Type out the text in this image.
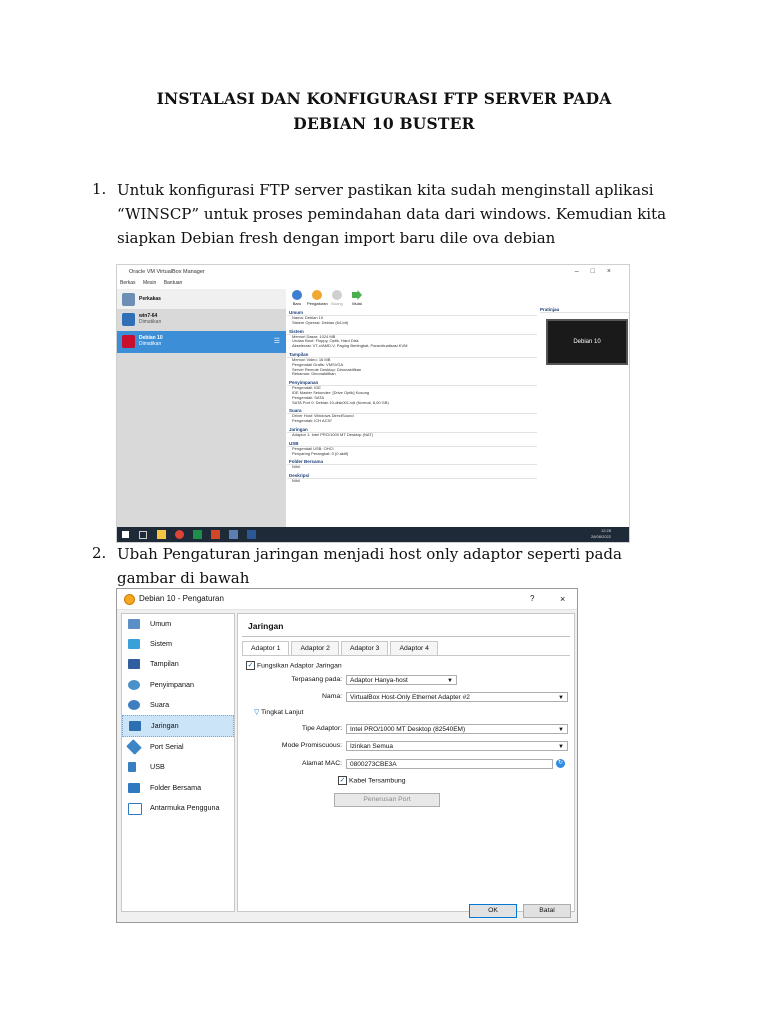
INSTALASI DAN KONFIGURASI FTP SERVER PADA
DEBIAN 10 BUSTER
1. Untuk konfigurasi FTP server pastikan kita sudah menginstall aplikasi
“WINSCP” untuk proses pemindahan data dari windows. Kemudian kita
siapkan Debian fresh dengan import baru dile ova debian
Oracle VM VirtualBox Manager	–□×
Berkas Mesin Bantuan
Perkakas
win7-64
Dimatikan
Debian 10
Dimatikan	☰
Baru	Pengaturan Buang	Mulai
Umum
Nama: Debian 10
Sistem Operasi: Debian (64-bit)
Sistem
Memori Dasar: 1024 MB
Urutan Boot: Floppy, Optik, Hard Disk
Akselerasi: VT-x/AMD-V, Paging Bertingkat, Paravirtualisasi KVM
Tampilan
Memori Video: 16 MB
Pengendali Grafis: VMSVGA
Server Remote Desktop: Dinonaktifkan
Rekaman: Dinonaktifkan
Penyimpanan
Pengendali: IDE
IDE Master Sekunder: [Drive Optik] Kosong
Pengendali: SATA
SATA Port 0: Debian 10-disk001.vdi (Normal, 8,00 GB)
Suara
Driver Host: Windows DirectSound
Pengendali: ICH AC97
Jaringan
Adaptor 1: Intel PRO/1000 MT Desktop (NAT)
USB
Pengendali USB: OHCI
Penyaring Perangkat: 0 (0 aktif)
Folder Bersama
Nihil
Deskripsi
Nihil
Pratinjau
Debian 10
12:28
26/08/2022
2. Ubah Pengaturan jaringan menjadi host only adaptor seperti pada
gambar di bawah
Debian 10 - Pengaturan	?	×
Umum
Sistem
Tampilan
Penyimpanan
Suara
Jaringan
Port Serial
USB
Folder Bersama
Antarmuka Pengguna
Jaringan
Adaptor 1	Adaptor 2	Adaptor 3	Adaptor 4
✓ Fungsikan Adaptor Jaringan
Terpasang pada:	Adaptor Hanya-host	▼
Nama:	VirtualBox Host-Only Ethernet Adapter #2	▼
▽ Tingkat Lanjut
Tipe Adaptor:	Intel PRO/1000 MT Desktop (82540EM)	▼
Mode Promiscuous:	Izinkan Semua	▼
Alamat MAC:	0800273CBE3A	↻
✓ Kabel Tersambung
Penerusan Port
OK	Batal
